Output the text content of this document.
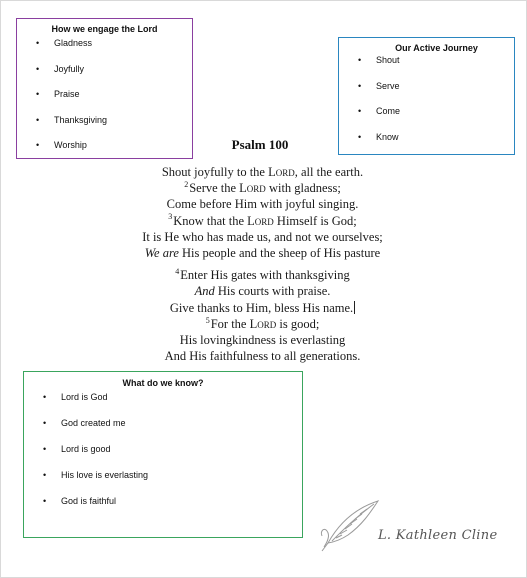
How we engage the Lord

• Gladness
• Joyfully
• Praise
• Thanksgiving
• Worship

Our Active Journey

• Shout
• Serve
• Come
• Know
Psalm 100
Shout joyfully to the Lord, all the earth.
$^2$Serve the Lord with gladness;
Come before Him with joyful singing.
$^3$Know that the Lord Himself is God;
It is He who has made us, and not we ourselves;
We are His people and the sheep of His pasture
$^4$Enter His gates with thanksgiving
And His courts with praise.
Give thanks to Him, bless His name.
$^5$For the Lord is good;
His lovingkindness is everlasting
And His faithfulness to all generations.

What do we know?

• Lord is God
• God created me
• Lord is good
• His love is everlasting
• God is faithful
L. Kathleen Cline
